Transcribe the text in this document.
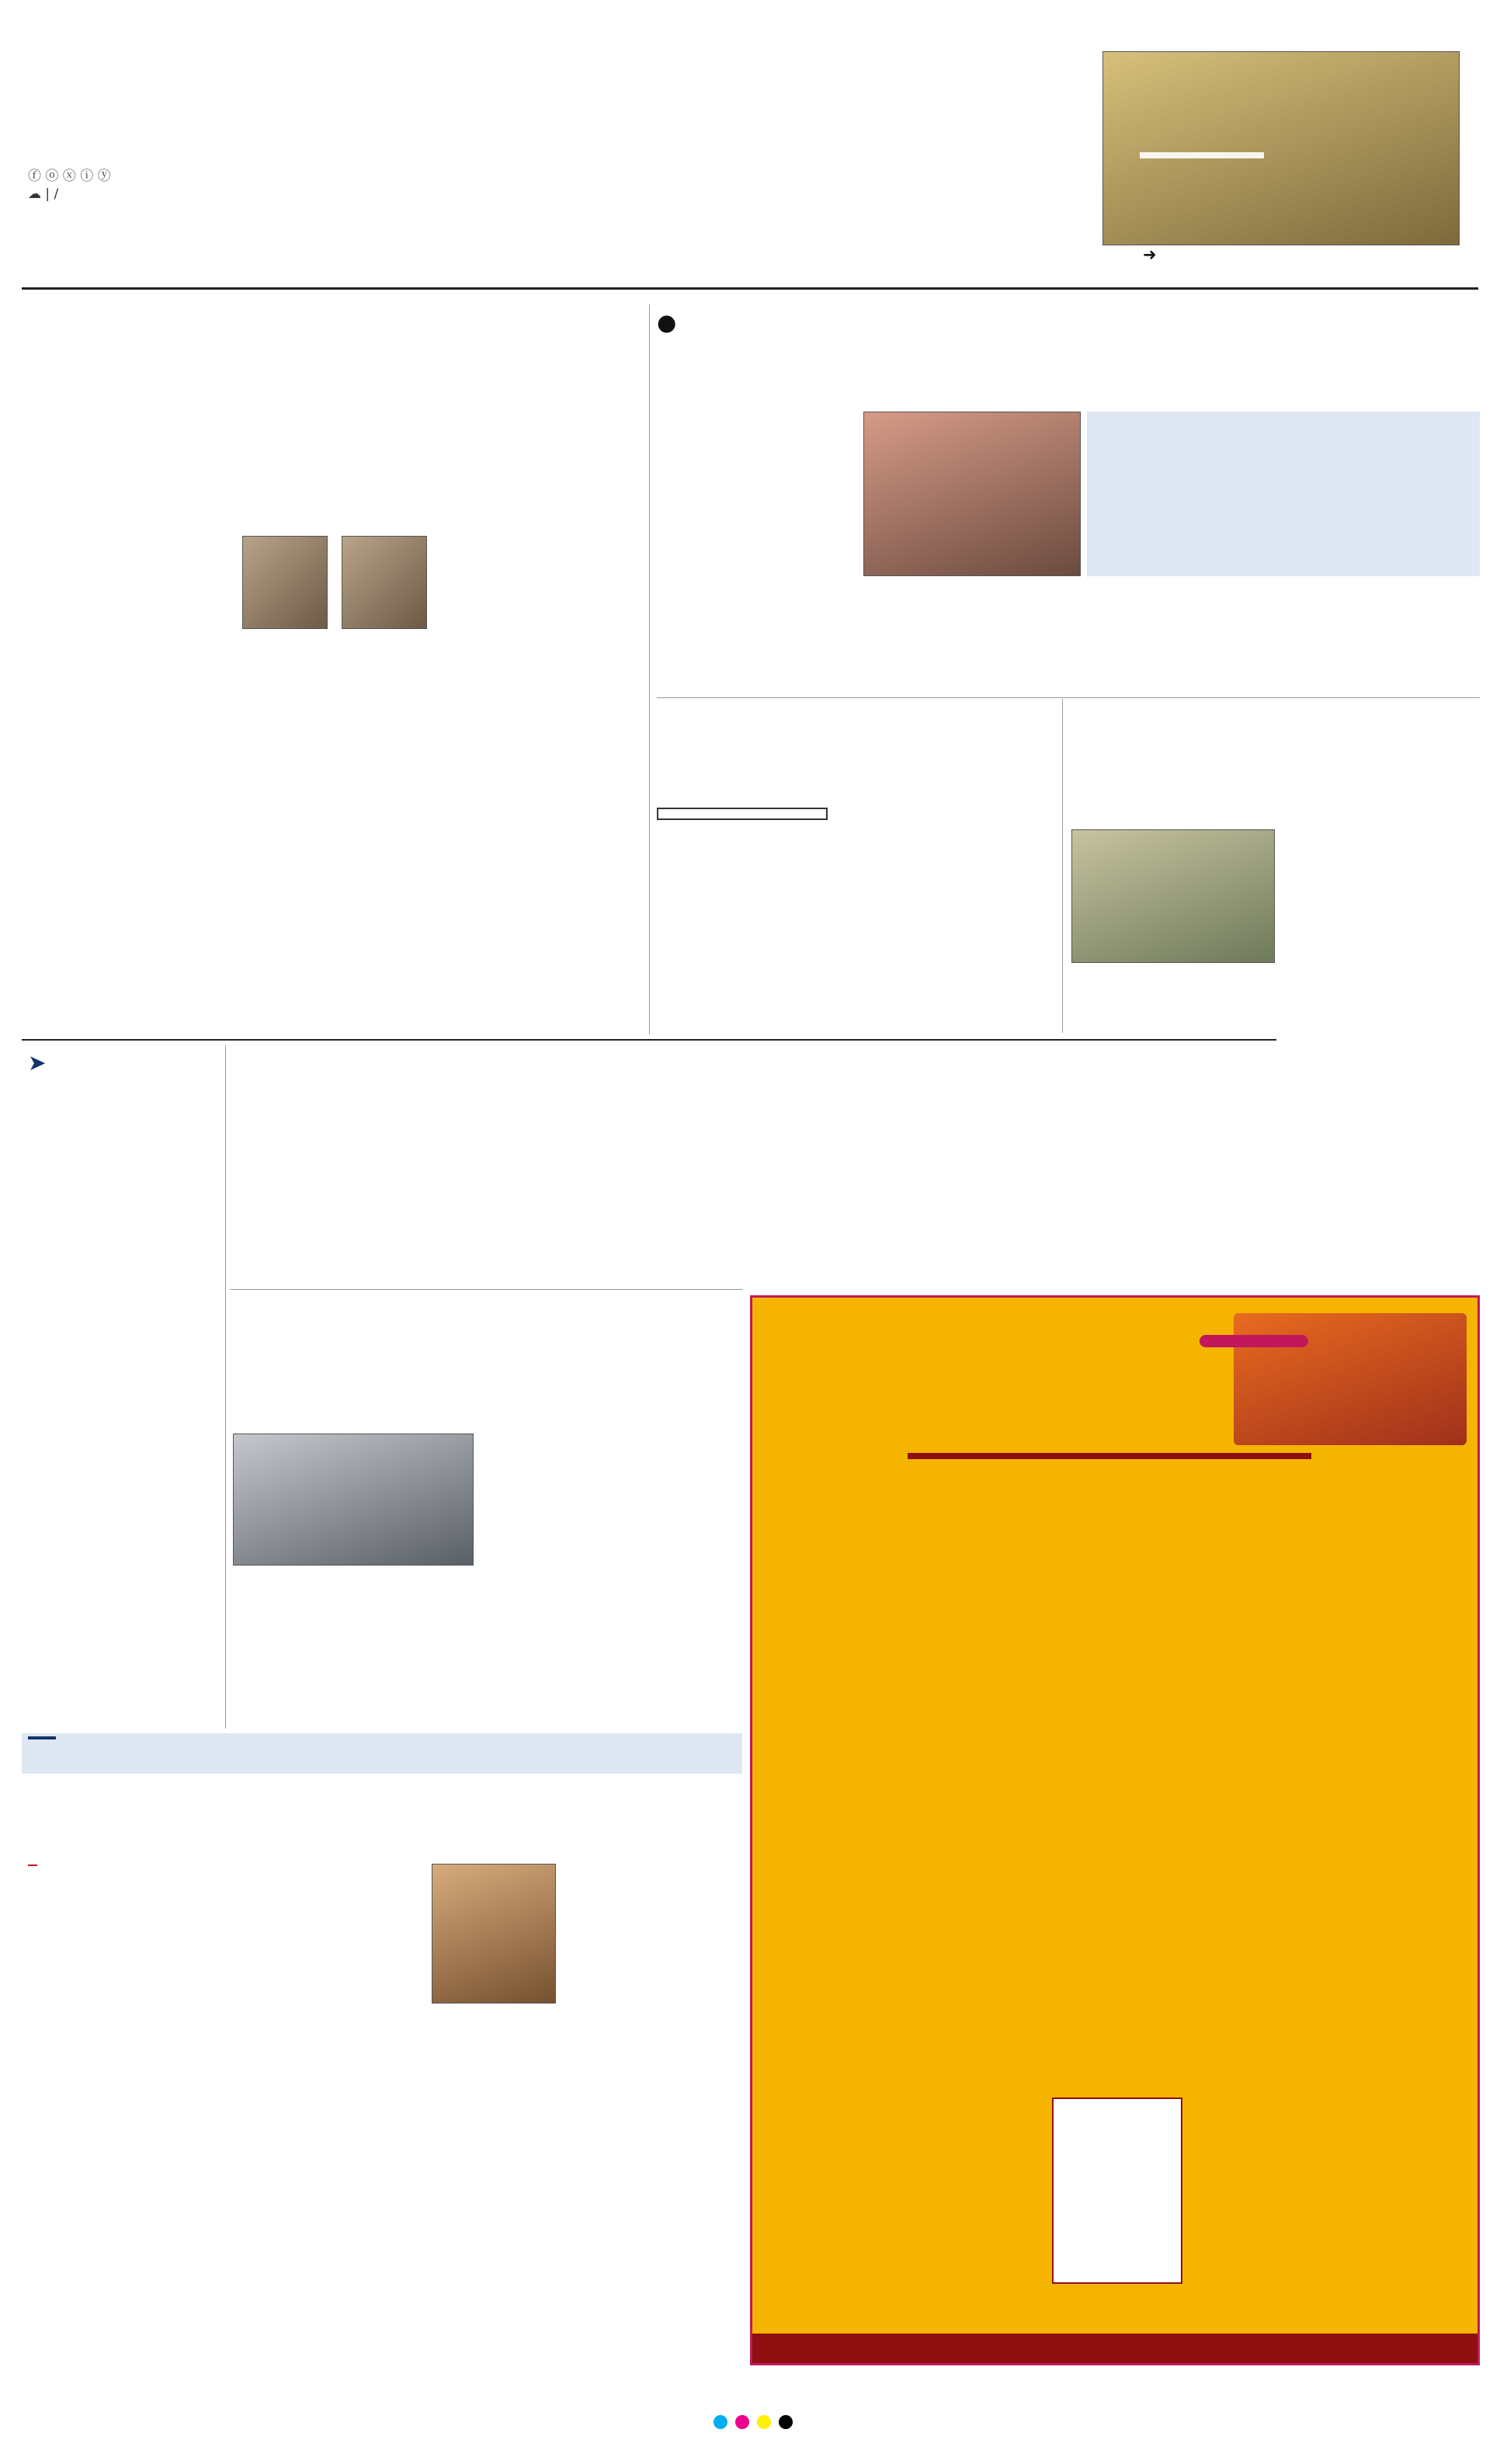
ⓕ ⓞ ⓧ ⓘ ⓨ
☁ | /
➜
●
➤
